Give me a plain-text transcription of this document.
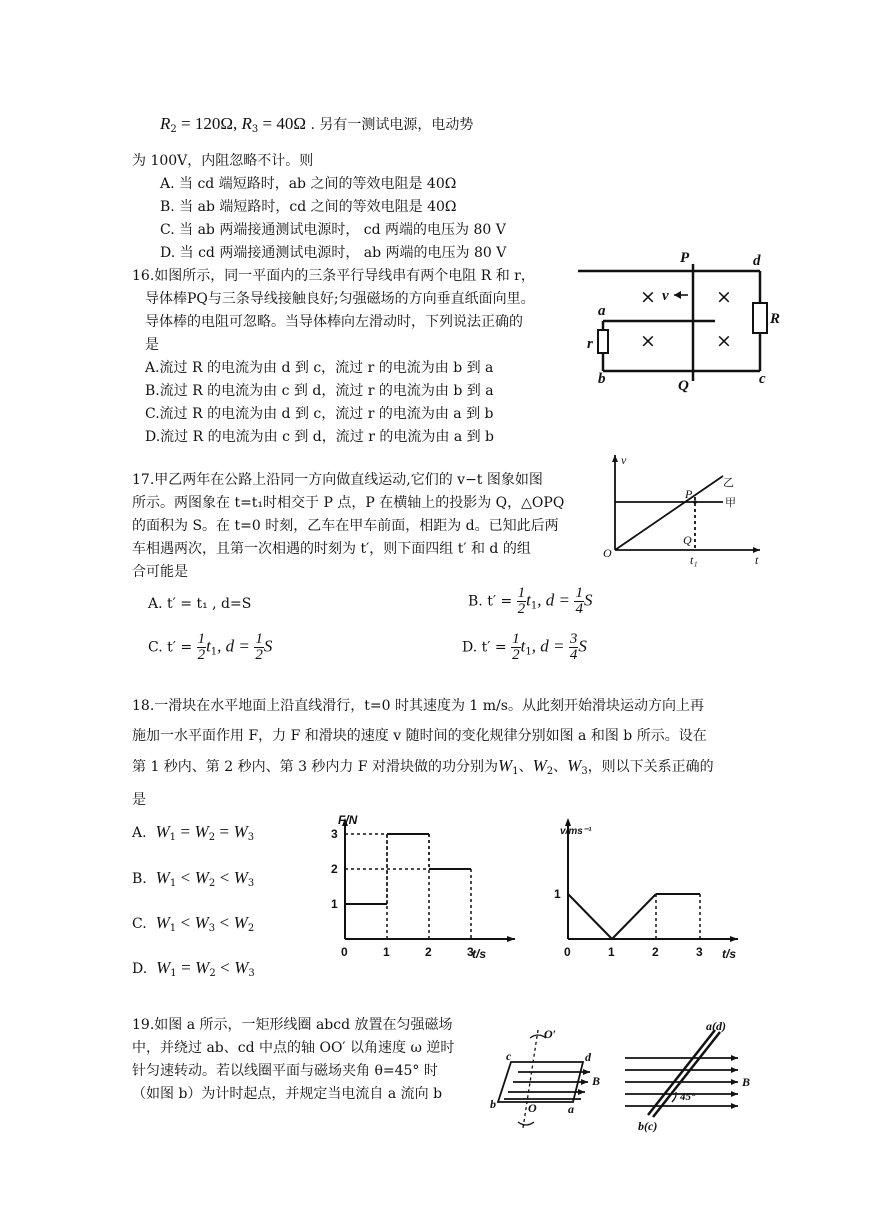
$R_2 = 120\Omega$, $R_3 = 40\Omega$ . 另有一测试电源，电动势
为 100V，内阻忽略不计。则
A. 当 cd 端短路时，ab 之间的等效电阻是 40Ω
B. 当 ab 端短路时，cd 之间的等效电阻是 40Ω
C. 当 ab 两端接通测试电源时， cd 两端的电压为 80 V
D. 当 cd 两端接通测试电源时， ab 两端的电压为 80 V
16.如图所示，同一平面内的三条平行导线串有两个电阻 R 和 r，
导体棒PQ与三条导线接触良好;匀强磁场的方向垂直纸面向里。
导体棒的电阻可忽略。当导体棒向左滑动时，下列说法正确的
是
A.流过 R 的电流为由 d 到 c，流过 r 的电流为由 b 到 a
B.流过 R 的电流为由 c 到 d，流过 r 的电流为由 b 到 a
C.流过 R 的电流为由 d 到 c，流过 r 的电流为由 a 到 b
D.流过 R 的电流为由 c 到 d，流过 r 的电流为由 a 到 b
×	×
×	×
P	d
R
a
r
b	Q	c
v
17.甲乙两年在公路上沿同一方向做直线运动,它们的 v−t 图象如图
所示。两图象在 t=t₁时相交于 P 点，P 在横轴上的投影为 Q，△OPQ
的面积为 S。在 t=0 时刻，乙车在甲车前面，相距为 d。已知此后两
车相遇两次，且第一次相遇的时刻为 t′，则下面四组 t′ 和 d 的组
合可能是
A. t′ = t₁ , d=S	B. $t' = \frac{1}{2} t_1$, $d = \frac{1}{4}$ S
C. $t' = \frac{1}{2} t_1$, $d = \frac{1}{2}$ S	D. $t' = \frac{1}{2} t_1$, $d = \frac{3}{4}$ S
v
t
O
P
Q
t₁
乙
甲
18.一滑块在水平地面上沿直线滑行，t=0 时其速度为 1 m/s。从此刻开始滑块运动方向上再
施加一水平面作用 F，力 F 和滑块的速度 v 随时间的变化规律分别如图 a 和图 b 所示。设在
第 1 秒内、第 2 秒内、第 3 秒内力 F 对滑块做的功分别为$W_1$、$W_2$、$W_3$，则以下关系正确的
是
A. $W_1 = W_2 = W_3$
B. $W_1 < W_2 < W_3$
C. $W_1 < W_3 < W_2$
D. $W_1 = W_2 < W_3$
0	1	2	3
1
2
3
F/N
t/s	0	1	2	3
1
v/ms⁻¹
t/s
19.如图 a 所示，一矩形线圈 abcd 放置在匀强磁场
中，并绕过 ab、cd 中点的轴 OO′ 以角速度 ω 逆时
针匀速转动。若以线圈平面与磁场夹角 θ=45° 时
（如图 b）为计时起点，并规定当电流自 a 流向 b
O′
c	d
b	O	a
B
a(d)
b(c)
B
45°
